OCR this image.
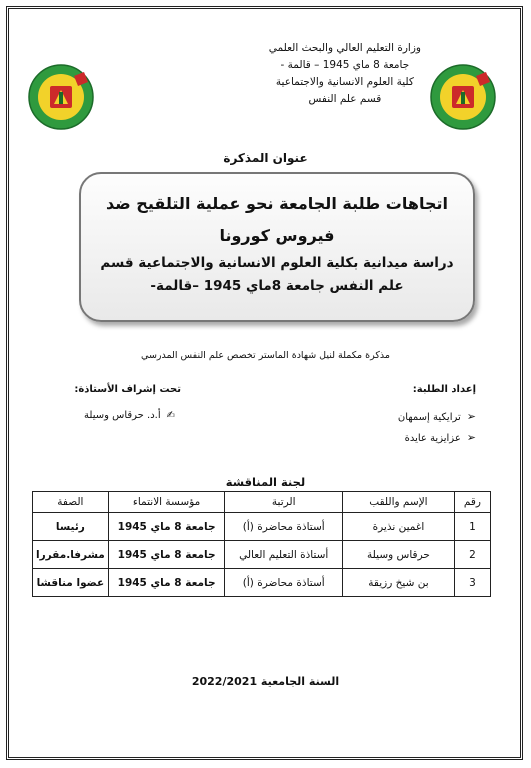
وزارة التعليم العالي والبحث العلمي
جامعة 8 ماي 1945 – قالمة -
كلية العلوم الانسانية والاجتماعية
قسم علم النفس
عنوان المذكرة
اتجاهات طلبة الجامعة نحو عملية التلقيح ضد فيروس كورونا
دراسة ميدانية بكلية العلوم الانسانية والاجتماعية قسم علم النفس جامعة 8ماي 1945 –قالمة-
مذكرة مكملة لنيل شهادة الماستر تخصص علم النفس المدرسي
إعداد الطلبة:
تحت إشراف الأستاذة:
➢ترايكية إسمهان
➢عزايزية عايدة
✍أ.د. حرقاس وسيلة
لجنة المناقشة
رقم	الإسم واللقب	الرتبة	مؤسسة الانتماء	الصفة
1	اغمين نذيرة	أستاذة محاضرة (أ)	جامعة 8 ماي 1945	رئيسا
2	حرقاس وسيلة	أستاذة التعليم العالي	جامعة 8 ماي 1945	مشرفا.مقررا
3	بن شيخ رزيقة	أستاذة محاضرة (أ)	جامعة 8 ماي 1945	عضوا مناقشا
السنة الجامعية 2022/2021
